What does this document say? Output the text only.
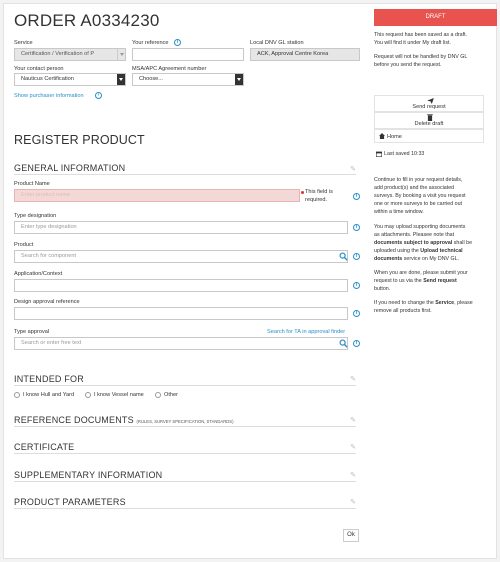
ORDER A0334230
Service
Certification / Verification of P
Your reference	i	Local DNV GL station
ACK, Approval Centre Korea
Your contact person
Nauticus Certification
MSA/APC Agreement number
Choose...
Show purchaser information	›
REGISTER PRODUCT
GENERAL INFORMATION	✎
Product Name
Enter product name	This field is
required.
i
Type designation
Enter type designation	i
Product
Search for component	i
Application/Context
i
Design approval reference
i
Type approval	Search for TA in approval finder
Search or enter free text	i
INTENDED FOR	✎
I know Hull and Yard	I know Vessel name	Other
REFERENCE DOCUMENTS (RULES, SURVEY SPECIFICATION, STANDARDS)	✎
CERTIFICATE	✎
SUPPLEMENTARY INFORMATION	✎
PRODUCT PARAMETERS	✎
Ok
DRAFT
This request has been saved as a draft.
You will find it under My draft list.
Request will not be handled by DNV GL
before you send the request.
Send request
Delete draft
Home
Last saved 10:33
Continue to fill in your request details,
add product(s) and the associated
surveys. By booking a visit you request
one or more surveys to be carried out
within a time window.
You may upload supporting documents
as attachments. Pleasee note that
documents subject to approval shall be
uploaded using the Upload technical
documents service on My DNV GL.
When you are done, please submit your
request to us via the Send request
button.
If you need to change the Service, please
remove all products first.
